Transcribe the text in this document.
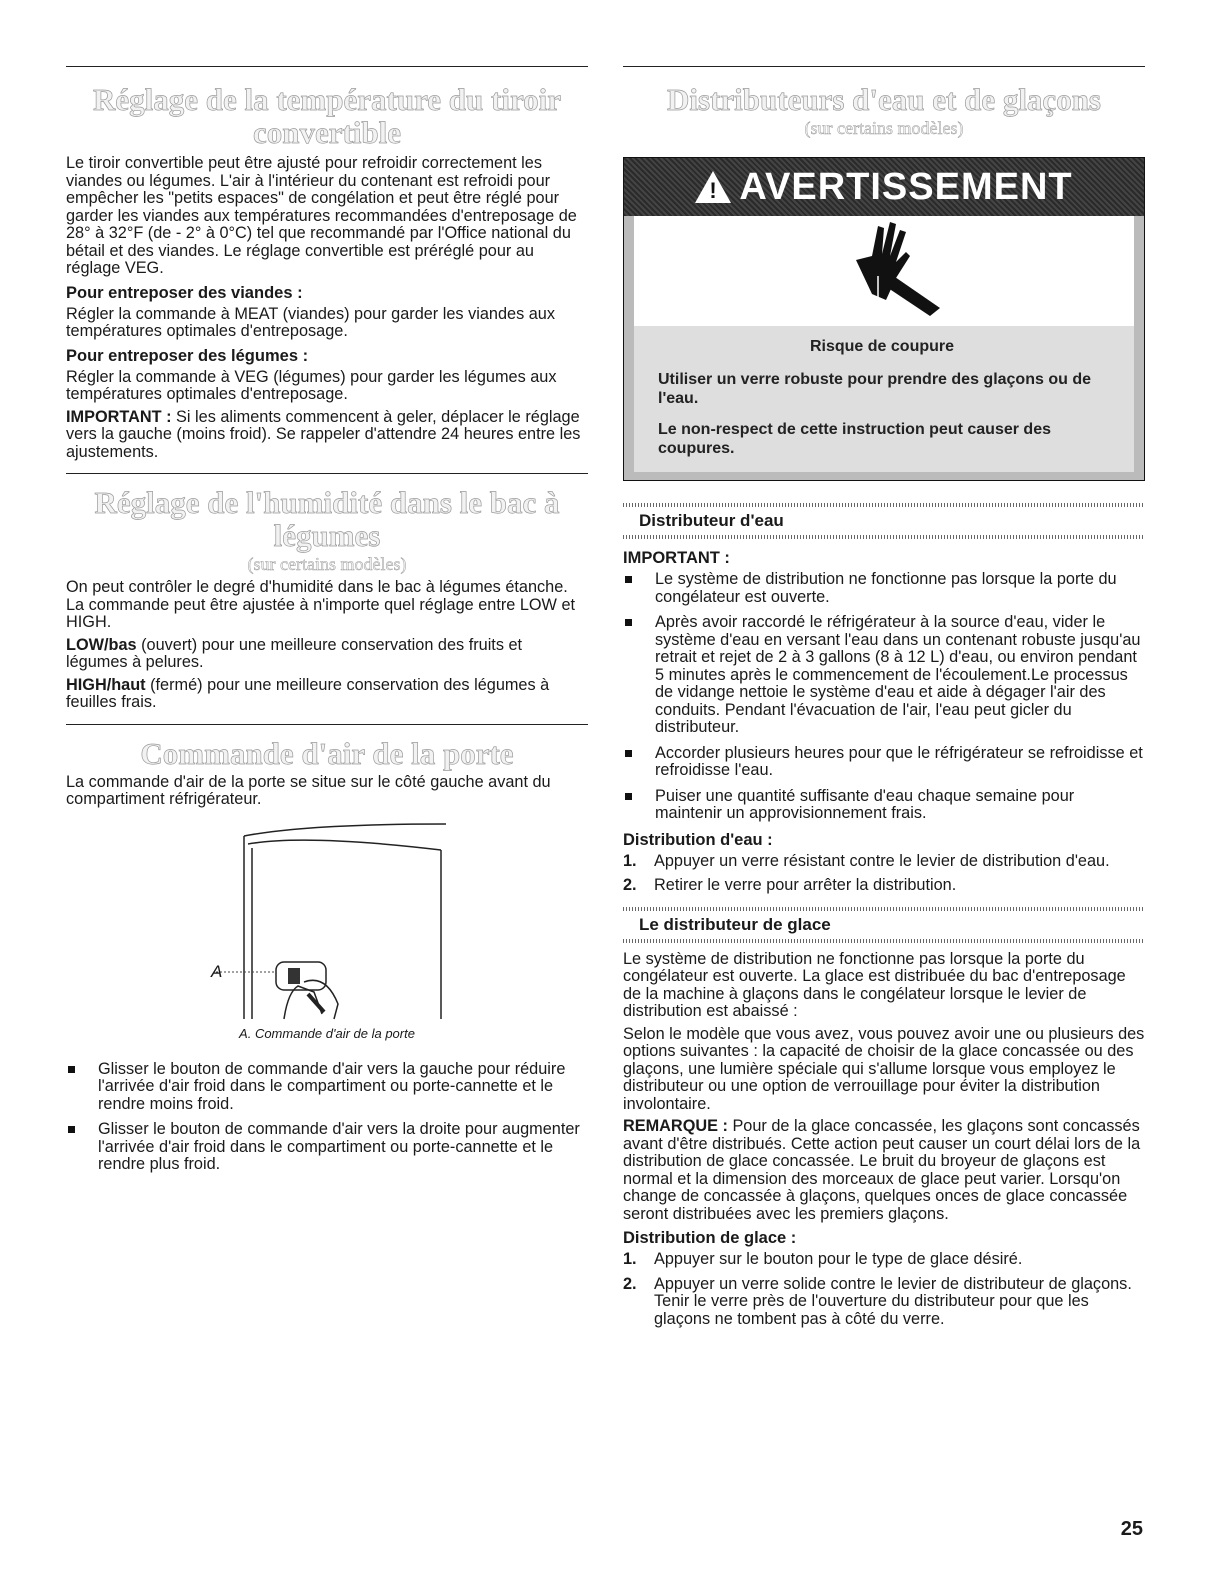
Réglage de la température du tiroir convertible

Le tiroir convertible peut être ajusté pour refroidir correctement les viandes ou légumes. L'air à l'intérieur du contenant est refroidi pour empêcher les "petits espaces" de congélation et peut être réglé pour garder les viandes aux températures recommandées d'entreposage de 28° à 32°F (de - 2° à 0°C) tel que recommandé par l'Office national du bétail et des viandes. Le réglage convertible est préréglé pour au réglage VEG.

Pour entreposer des viandes :

Régler la commande à MEAT (viandes) pour garder les viandes aux températures optimales d'entreposage.

Pour entreposer des légumes :

Régler la commande à VEG (légumes) pour garder les légumes aux températures optimales d'entreposage.

IMPORTANT : Si les aliments commencent à geler, déplacer le réglage vers la gauche (moins froid). Se rappeler d'attendre 24 heures entre les ajustements.

Réglage de l'humidité dans le bac à légumes
(sur certains modèles)

On peut contrôler le degré d'humidité dans le bac à légumes étanche. La commande peut être ajustée à n'importe quel réglage entre LOW et HIGH.

LOW/bas (ouvert) pour une meilleure conservation des fruits et légumes à pelures.

HIGH/haut (fermé) pour une meilleure conservation des légumes à feuilles frais.

Commande d'air de la porte

La commande d'air de la porte se situe sur le côté gauche avant du compartiment réfrigérateur.

A
A. Commande d'air de la porte
Glisser le bouton de commande d'air vers la gauche pour réduire l'arrivée d'air froid dans le compartiment ou porte-cannette et le rendre moins froid.
Glisser le bouton de commande d'air vers la droite pour augmenter l'arrivée d'air froid dans le compartiment ou porte-cannette et le rendre plus froid.
Distributeurs d'eau et de glaçons
(sur certains modèles)
! AVERTISSEMENT
Risque de coupure

Utiliser un verre robuste pour prendre des glaçons ou de l'eau.

Le non-respect de cette instruction peut causer des coupures.

Distributeur d'eau
IMPORTANT :
Le système de distribution ne fonctionne pas lorsque la porte du congélateur est ouverte.
Après avoir raccordé le réfrigérateur à la source d'eau, vider le système d'eau en versant l'eau dans un contenant robuste jusqu'au retrait et rejet de 2 à 3 gallons (8 à 12 L) d'eau, ou environ pendant 5 minutes après le commencement de l'écoulement.Le processus de vidange nettoie le système d'eau et aide à dégager l'air des conduits. Pendant l'évacuation de l'air, l'eau peut gicler du distributeur.
Accorder plusieurs heures pour que le réfrigérateur se refroidisse et refroidisse l'eau.
Puiser une quantité suffisante d'eau chaque semaine pour maintenir un approvisionnement frais.
Distribution d'eau :
1. Appuyer un verre résistant contre le levier de distribution d'eau.
2. Retirer le verre pour arrêter la distribution.
Le distributeur de glace

Le système de distribution ne fonctionne pas lorsque la porte du congélateur est ouverte. La glace est distribuée du bac d'entreposage de la machine à glaçons dans le congélateur lorsque le levier de distribution est abaissé :

Selon le modèle que vous avez, vous pouvez avoir une ou plusieurs des options suivantes : la capacité de choisir de la glace concassée ou des glaçons, une lumière spéciale qui s'allume lorsque vous employez le distributeur ou une option de verrouillage pour éviter la distribution involontaire.

REMARQUE : Pour de la glace concassée, les glaçons sont concassés avant d'être distribués. Cette action peut causer un court délai lors de la distribution de glace concassée. Le bruit du broyeur de glaçons est normal et la dimension des morceaux de glace peut varier. Lorsqu'on change de concassée à glaçons, quelques onces de glace concassée seront distribuées avec les premiers glaçons.

Distribution de glace :
1. Appuyer sur le bouton pour le type de glace désiré.
2. Appuyer un verre solide contre le levier de distributeur de glaçons. Tenir le verre près de l'ouverture du distributeur pour que les glaçons ne tombent pas à côté du verre.
25
